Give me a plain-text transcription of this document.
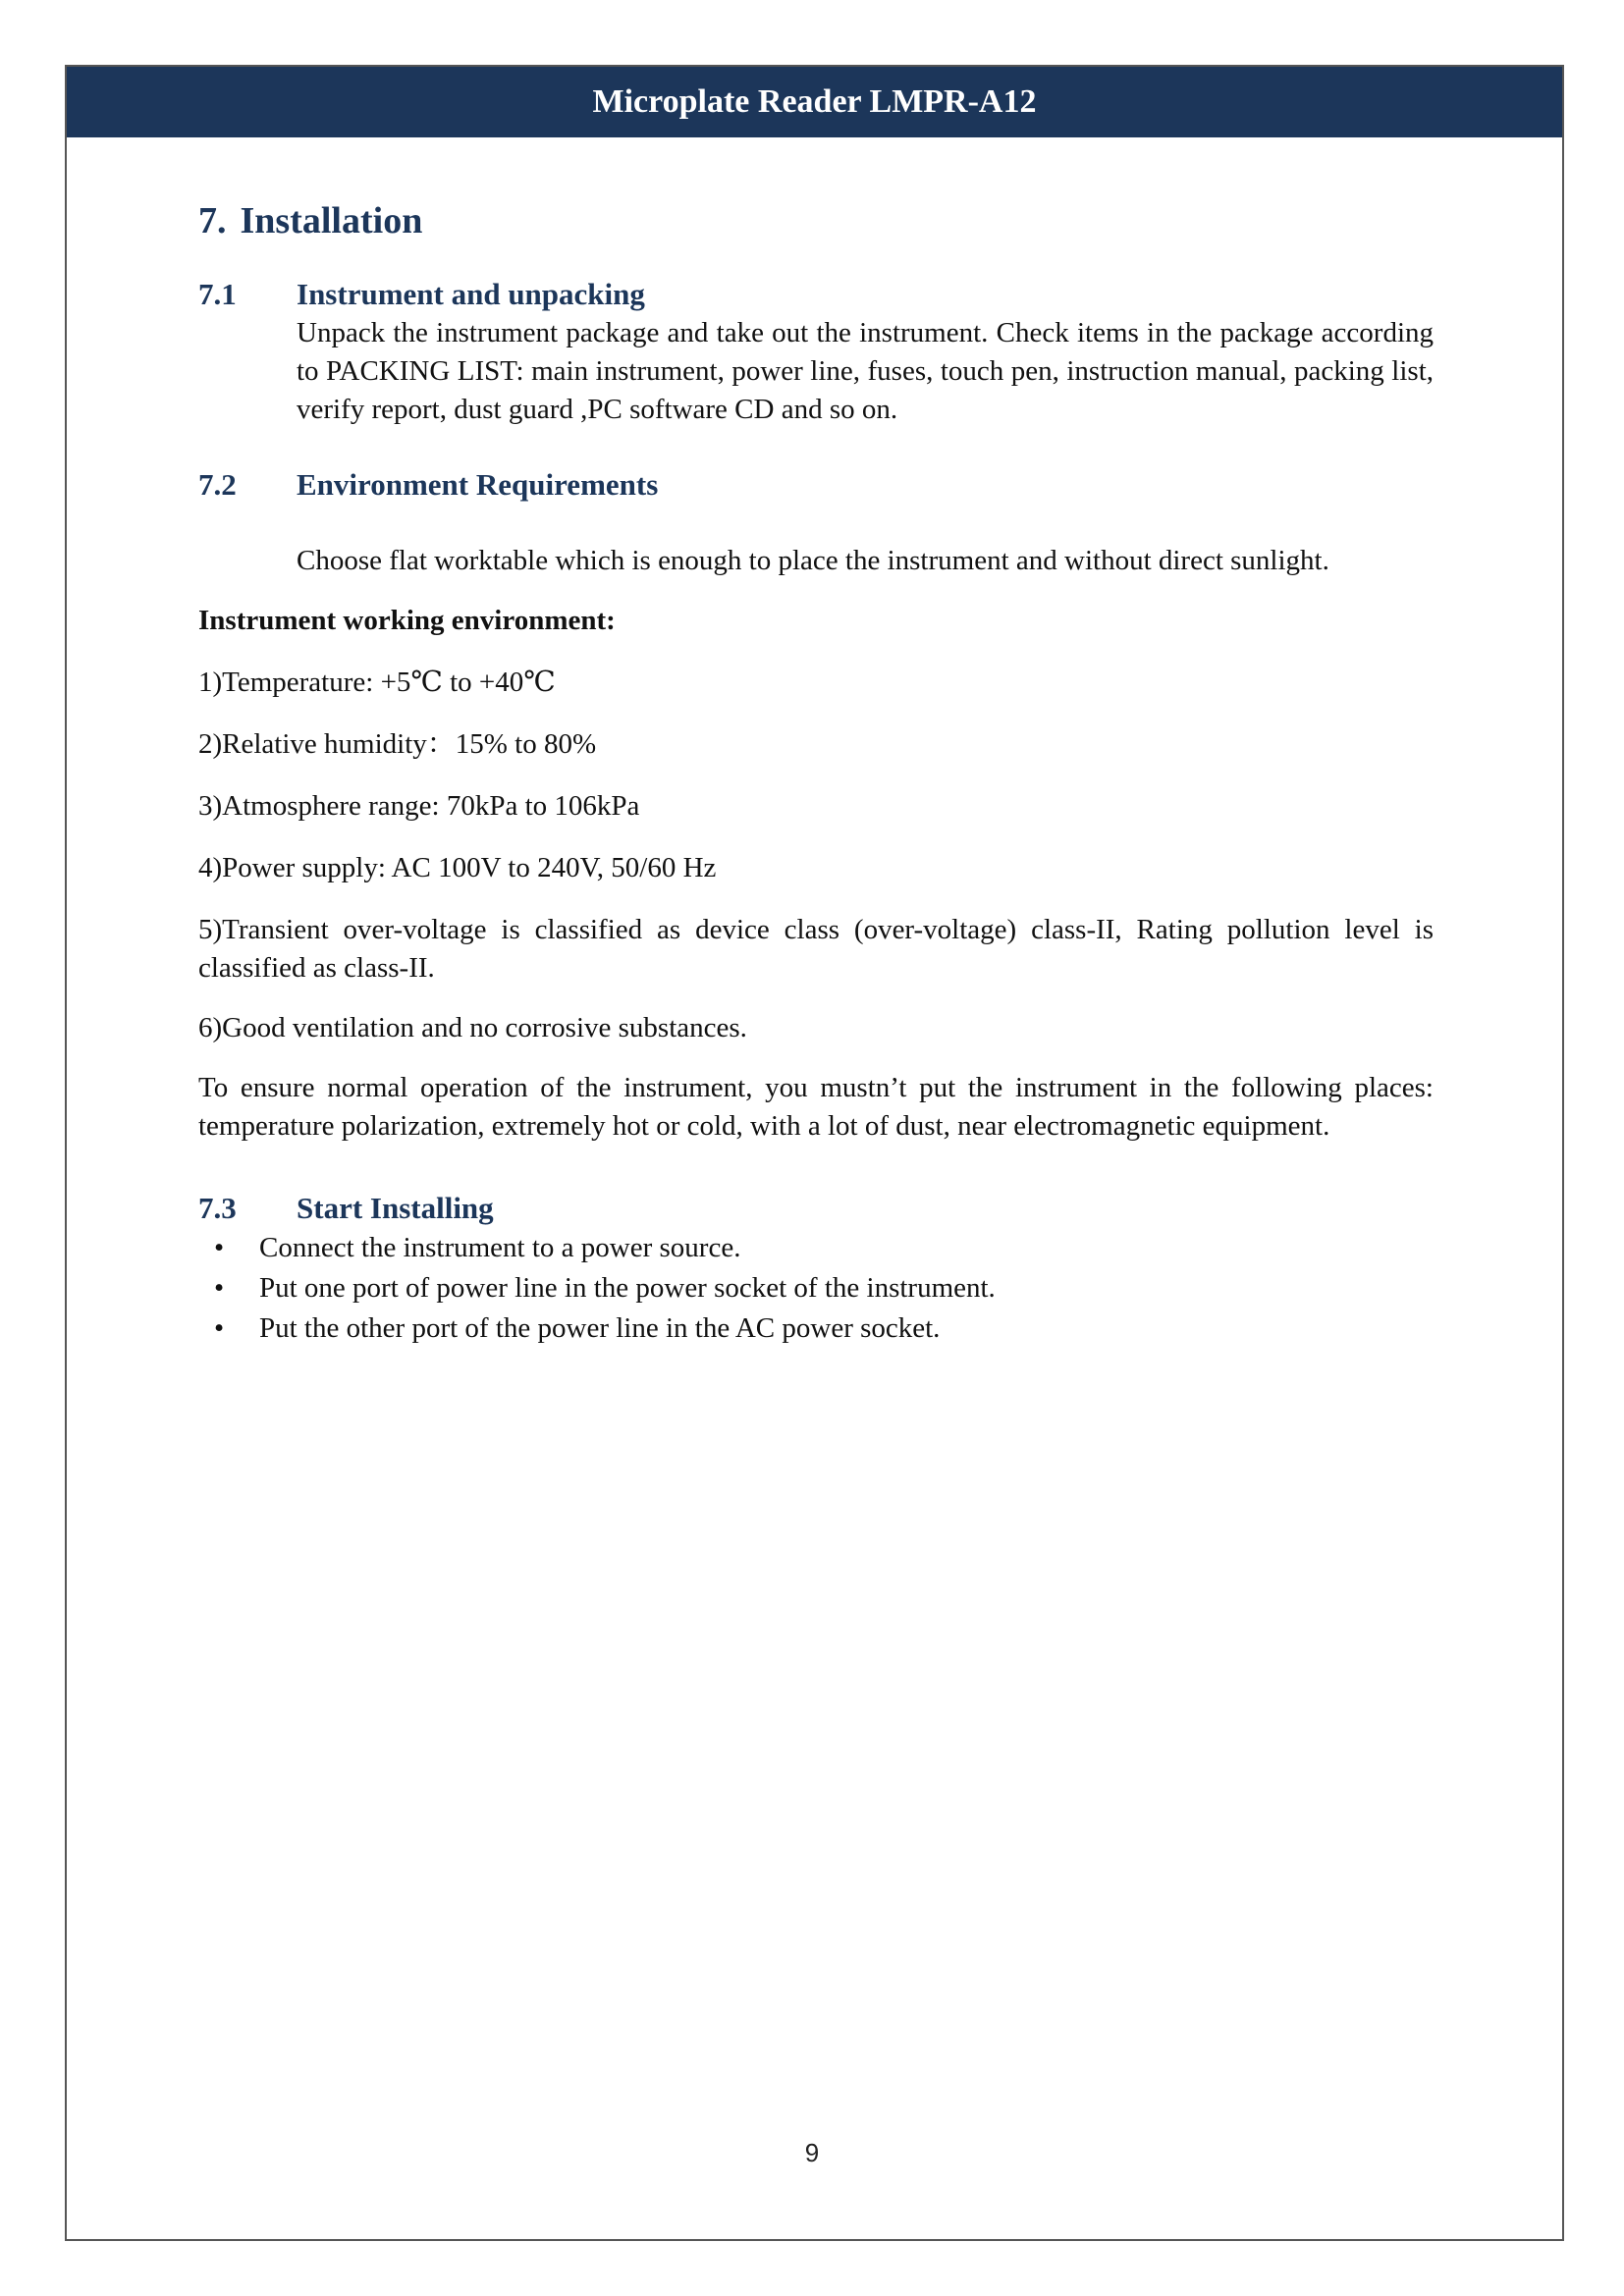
Microplate Reader LMPR-A12
7. Installation
7.1	Instrument and unpacking

Unpack the instrument package and take out the instrument. Check items in the package according to PACKING LIST: main instrument, power line, fuses, touch pen, instruction manual, packing list, verify report, dust guard ,PC software CD and so on.

7.2	Environment Requirements

Choose flat worktable which is enough to place the instrument and without direct sunlight.

Instrument working environment:

1)Temperature: +5℃ to +40℃

2)Relative humidity：15% to 80%

3)Atmosphere range: 70kPa to 106kPa

4)Power supply: AC 100V to 240V, 50/60 Hz

5)Transient over-voltage is classified as device class (over-voltage) class-II, Rating pollution level is classified as class-II.

6)Good ventilation and no corrosive substances.

To ensure normal operation of the instrument, you mustn’t put the instrument in the following places: temperature polarization, extremely hot or cold, with a lot of dust, near electromagnetic equipment.

7.3	Start Installing
• Connect the instrument to a power source.
• Put one port of power line in the power socket of the instrument.
• Put the other port of the power line in the AC power socket.
9
